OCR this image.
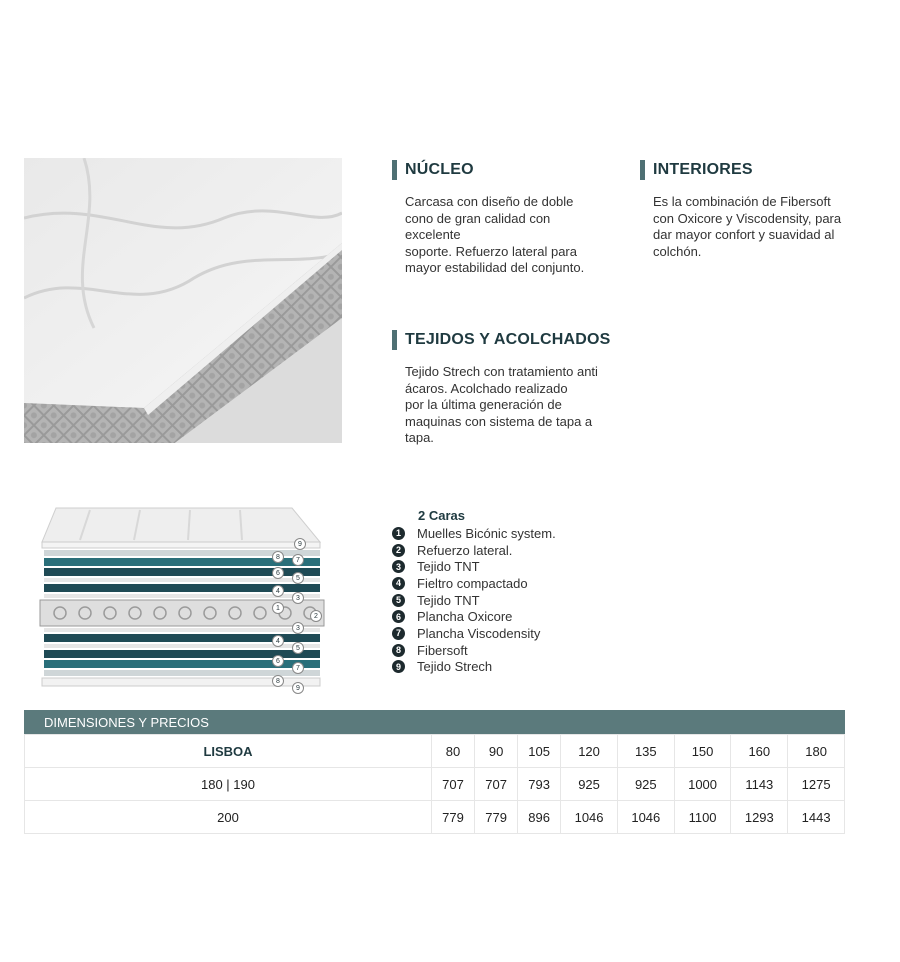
NÚCLEO
Carcasa con diseño de doble
cono de gran calidad con
excelente
soporte. Refuerzo lateral para
mayor estabilidad del conjunto.
INTERIORES
Es la combinación de Fibersoft
con Oxicore y Viscodensity, para
dar mayor confort y suavidad al
colchón.
TEJIDOS Y ACOLCHADOS
Tejido Strech con tratamiento anti
ácaros. Acolchado realizado
por la última generación de
maquinas con sistema de tapa a
tapa.
9
8	7
6
5
4
3
1
2
3
4
5
6
7
8
9
2 Caras
1	Muelles Bicónic system.
2	Refuerzo lateral.
3	Tejido TNT
4	Fieltro compactado
5	Tejido TNT
6	Plancha Oxicore
7	Plancha Viscodensity
8	Fibersoft
9	Tejido Strech
DIMENSIONES Y PRECIOS
LISBOA	80	90	105	120	135	150	160	180
180 | 190	707	707	793	925	925	1000	1143	1275
200	779	779	896	1046	1046	1100	1293	1443
